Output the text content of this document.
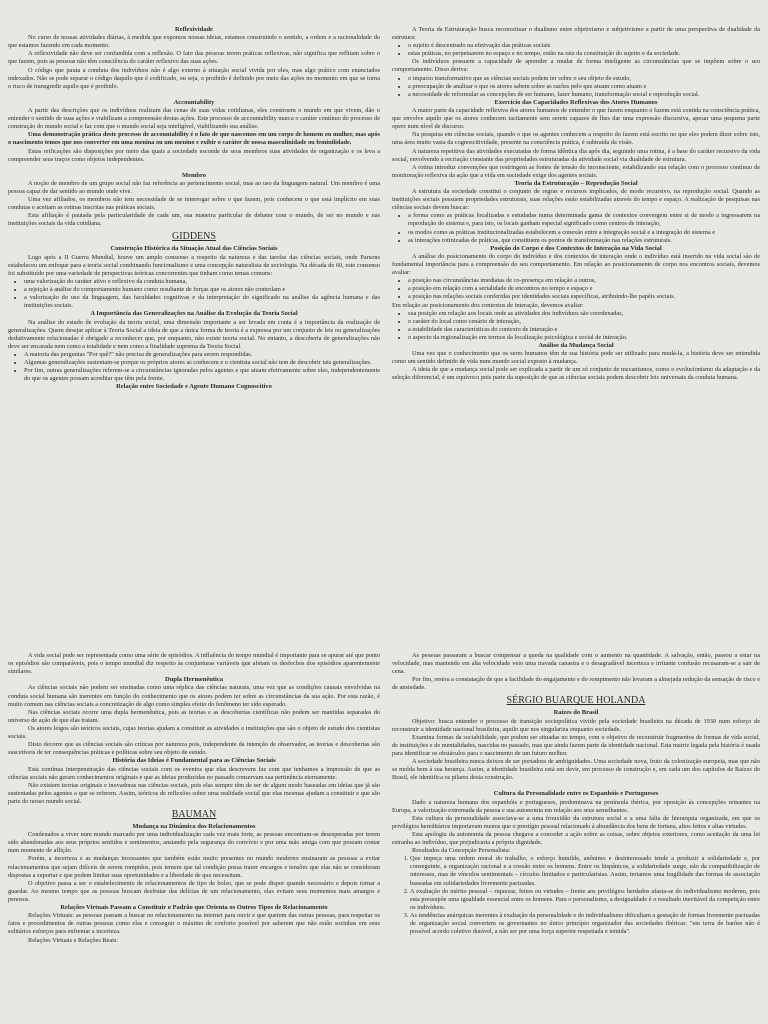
Reflexividade

No curso de nossas atividades diárias, à medida que expomos nossas ideias, estamos construindo o sentido, a ordem e a racionalidade do que estamos fazendo em cada momento.

A reflexividade não deve ser confundida com a reflexão. O fato das pessoas terem práticas reflexivas, não significa que reflitam sobre o que fazem, pois as pessoas não têm consciência do caráter reflexivo das suas ações.

O código que pauta a conduta dos indivíduos não é algo externo à situação social vivida por eles, mas algo prático com enunciados indexados. Não se pode separar o código daquilo que é codificado, ou seja, o proibido é definido por meio das ações no momento em que se torna o risco de transgredir aquilo que é proibido.

Accountability

A partir das descrições que os indivíduos realizam das cenas de suas vidas cotidianas, eles constroem o mundo em que vivem, dão o entender o sentido de suas ações e viabilizam a compreensão destas ações. Este processo de accountability marca o caráter contínuo do processo de construção do mundo social e faz com que o mundo social seja inteligível, viabilizando sua análise.

Uma demonstração prática deste processo de accountability é o fato de que nascemos em um corpo de homem ou mulher, mas após o nascimento temos que nos converter em uma menina ou um menino e exibir o caráter de nossa masculinidade ou feminilidade.

Estas reificações são disposições por meio das quais a sociedade esconde de seus membros suas atividades de organização e os leva a compreender seus traços como objetos independentes.

Membro

A noção de membro de um grupo social não faz referência ao pertencimento social, mas ao uso da linguagem natural. Um membro é uma pessoa capaz de dar sentido ao mundo onde vive.

Uma vez afiliados, os membros não tem necessidade de se interrogar sobre o que fazem, pois conhecem o que está implícito em suas condutas e aceitam as rotinas inscritas nas práticas sociais.

Esta afiliação é pautada pela particularidade de cada um, sua maneira particular de debater com o mundo, de ser no mundo e nas instituições sociais da vida cotidiana.

GIDDENS
Construção Histórica da Situação Atual das Ciências Sociais

Logo após a II Guerra Mundial, houve um amplo consenso a respeito da natureza e das tarefas das ciências sociais, onde Parsons estabeleceu um enfoque para a teoria social combinando funcionalismo e uma concepção naturalista de sociologia. Na década de 60, este consenso foi substituído por uma variedade de perspectivas teóricas concorrentes que tinham como temas comuns:

• uma valorização do caráter ativo e reflexivo da conduta humana,
• a rejeição à análise do comportamento humano como resultante de forças que os atores não controlam e
• a valorização do uso da linguagem, das faculdades cognitivas e da interpretação do significado na análise da agência humana e das instituições sociais.
A Importância das Generalizações na Análise da Evolução da Teoria Social

Na análise do estado de evolução da teoria social, uma dimensão importante a ser levada em conta é a importância da realização de generalizações. Quem desejar aplicar à Teoria Social a ideia de que a única forma de teoria é a expressa por um conjunto de leis ou generalizações dedutivamente relacionadas é obrigado a reconhecer que, por enquanto, não existe teoria social. No entanto, a descoberta de generalizações não deve ser encarada nem como a totalidade e nem como a finalidade suprema da Teoria Social.

• A maioria das perguntas "Por quê?" não precisa de generalizações para serem respondidas.
• Algumas generalizações sustentam-se porque os próprios atores as conhecem e o cientista social não tem de descobrir tais generalizações.
• Por fim, outras generalizações referem-se a circunstâncias ignoradas pelos agentes e que atuam efetivamente sobre eles, independentemente do que os agentes possam acreditar que têm pela frente.
Relação entre Sociedade e Agente Humano Cognoscitivo

A Teoria da Estruturação busca reconceituar o dualismo entre objetivismo e subjetivismo a partir de uma perspectiva de dualidade da estrutura:

• o sujeito é descentrado na efetivação das práticas sociais
• estas práticas, no perpetuarem no espaço e no tempo, estão na raiz da constituição do sujeito e da sociedade.

Os indivíduos possuem a capacidade de aprender a mudar de forma inteligente as circunstâncias que se impõem sobre o seu comportamento. Disso deriva:

• o impacto transformativo que as ciências sociais podem ter sobre o seu objeto de estudo,
• a preocupação de analisar o que os atores sabem sobre as razões pelo que atuam como atuam e
• a necessidade de reformular as concepções de ser humano, fazer humano, transformação social e reprodução social.
Exercício das Capacidades Reflexivas dos Atores Humanos

A maior parte da capacidade reflexiva dos atores humanos de entender o que fazem enquanto o fazem está contida na consciência prática, que envolve aquilo que os atores conhecem tacitamente sem serem capazes de lhes dar uma expressão discursiva, apesar uma pequena parte opere num nível de discurso.

Na pesquisa em ciências sociais, quando o que os agentes conhecem a respeito do fazem está escrito no que eles podem dizer sobre isto, uma área muito vasta da cognoscitividade, presente na consciência prática, é subtraída da visão.

A natureza repetitiva das atividades executadas de forma idêntica dia após dia, seguindo uma rotina, é a base do caráter recursivo da vida social, envolvendo a recriação constante das propriedades estruturadas da atividade social via dualidade de estrutura.

A rotina introduz convenções que restringem as fontes de tensão do inconsciente, estabilizando sua relação com o processo contínuo de monitoração reflexiva da ação que a vida em sociedade exige dos agentes sociais.

Teoria da Estruturação – Reprodução Social

A estrutura da sociedade constitui o conjunto de regras e recursos implicados, de modo recursivo, na reprodução social. Quando as instituições sociais possuem propriedades estruturais, suas relações estão estabilizadas através do tempo e espaço. A realização de pesquisas nas ciências sociais devem buscar:

• a forma como as práticas localizadas e estudadas numa determinada gama de contextos convergem entre si de modo a ingressarem na reprodução do sistema e, para isto, os locais ganham especial significado como centros de interação,
• os modos como as práticas institucionalizadas estabelecem a conexão entre a integração social e a integração do sistema e
• as interações rotinizadas de práticas, que constituem os pontos de transformação nas relações estruturais.
Posição do Corpo e dos Contextos de Interação na Vida Social

A análise do posicionamento do corpo do indivíduo e dos contextos de interação onde o indivíduo está inserido na vida social são de fundamental importância para a compreensão do seu comportamento. Em relação ao posicionamento de corpo nos encontros sociais, devemos avaliar:

• a posição nas circunstâncias imediatas de co-presença em relação a outros,
• a posição em relação com a serialidade de encontros no tempo e espaço e
• a posição nas relações sociais conferidas por identidades sociais específicas, atribuindo-lhe papéis sociais.

Em relação ao posicionamento dos contextos de interação, devemos avaliar:

• sua posição em relação aos locais onde as atividades dos indivíduos são coordenadas,
• o caráter do local como cenário de interação,
• a estabilidade das características do contexto de interação e
• o aspecto da regionalização em termos da localização psicológica e social de interação.
Análise da Mudança Social

Uma vez que o conhecimento que os seres humanos têm de sua história pode ser utilizado para mudá-la, a história deve ser entendida como um sentido definido de vida num mundo social exposto à mudança.

A ideia de que a mudança social pode ser explicada a partir de um só conjunto de mecanismos, como o evolucionismo da adaptação e da seleção diferencial, é um equívoco pois parte da suposição de que as ciências sociais podem descobrir leis universais da conduta humana.

A vida social pode ser representada como uma série de episódios. A influência do tempo mundial é importante para se apurar até que ponto os episódios são comparáveis, pois o tempo mundial diz respeito às conjunturas variáveis que afetam os desfechos dos episódios aparentemente similares.

Dupla Hermenêutica

As ciências sociais não podem ser ensinadas como uma réplica das ciências naturais, uma vez que as condições causais envolvidas na conduta social humana são inerentes em função do conhecimento que os atores podem ter sobre as circunstâncias da sua ação. Por esta razão, é muito comum nas ciências sociais a concretização de algo como simples efeito do fenômeno ter sido esperado.

Nas ciências sociais ocorre uma dupla hermenêutica, pois as teorias e as descobertas científicas não podem ser mantidas separadas do universo de ação de que elas tratam.

Os atores leigos são teóricos sociais, cujas teorias ajudam a constituir as atividades e instituições que são o objeto de estudo dos cientistas sociais.

Disto decorre que as ciências sociais são críticas por natureza pois, independente da intenção de observador, as teorias e descobertas são suscetíveis de ter consequências práticas e políticas sobre seu objeto de estudo.

História das Ideias é Fundamental para as Ciências Sociais

Esta contínua interpenetração das ciências sociais com os eventos que elas descrevem faz com que tenhamos a impressão de que as ciências sociais não geram conhecimentos originais e que as ideias produzidas no passado conservam sua pertinência eternamente.

Não existem teorias originais e inovadoras nas ciências sociais, pois elas sempre têm de ser de algum modo baseadas em ideias que já são sustentadas pelos agentes a que se referem. Assim, teóricos de reflexões sobre uma realidade social que elas mesmas ajudam a constituir e que são parte do nosso mundo social.

BAUMAN
Mudança na Dinâmica dos Relacionamentos

Condenados a viver num mundo marcado por uma individualização cada vez mais forte, as pessoas encontram-se desesperadas por terem sido abandonadas aos seus próprios sentidos e sentimentos, ansiando pela segurança do convívio e por uma mão amiga com que possam contar num momento de aflição.

Porém, a incerteza e as mudanças incessantes que também estão muito presentes no mundo moderno ensinaram as pessoas a evitar relacionamentos que sejam difíceis de serem rompidos, pois temem que tal condição possa trazer encargos e tensões que elas não se consideram dispostas a suportar e que podem limitar suas oportunidades e a liberdade de que necessitam.

O objetivo passa a ser o estabelecimento de relacionamentos de tipo de bolso, que se pode dispor quando necessário e depois tornar a guardar. Ao mesmo tempo que as pessoas buscam desfrutar das delícias de um relacionamento, elas evitam seus momentos mais amargos e penosos.

Relações Virtuais Passam a Constituir o Padrão que Orienta os Outros Tipos de Relacionamento

Relações Virtuais: as pessoas passam a buscar no relacionamento na internet para ouvir e que querem das outras pessoas, para respeitar os fatos e procedimentos de outras pessoas como elas e conseguir o máximo de conforto possível por saberem que não estão sozinhas em seus solitários esforços para enfrentar a incerteza.

Relações Virtuais e Relações Reais:

As pessoas passaram a buscar compensar a queda na qualidade com o aumento na quantidade. A salvação, então, passou a estar na velocidade, mas mantendo em alta velocidade veio uma travada canastra e o desagradável incerteza e irritante confusão recusaram-se a sair de cena.

Por fim, restou a constatação de que a facilidade do engajamento e do rompimento não levaram a almejada redução da sensação de risco e de ansiedade.

SÉRGIO BUARQUE HOLANDA
Raízes do Brasil

Objetivo: busca entender o processo de transição sociopolítica vivido pela sociedade brasileira na década de 1930 num esforço de reconstruir a identidade nacional brasileira, aquilo que nos singulariza enquanto sociedade.

Examina formas da sociabilidade, que podem ser situadas no tempo, com o objetivo de reconstruir fragmentos de formas de vida social, de instituições e de mentalidades, nascidas no passado, mas que ainda fazem parte da identidade nacional. Esta matriz legada pela história é usada para identificar os obstáculos para o nascimento de um futuro melhor.

A sociedade brasileira nunca deixou de ser portadora de ambiguidades. Uma sociedade nova, fruto da colonização europeia, mas que não se molda bem à sua herança. Assim, a identidade brasileira está em devir, em processo de construção e, em cada um dos capítulos de Raízes do Brasil, ele identifica os pilares desta construção.

Cultura da Personalidade entre os Espanhóis e Portugueses

Dado a natureza humana dos espanhóis e portugueses, predominava na península ibérica, por oposição às concepções reinantes na Europa, a valorização extremada da pessoa e sua autonomia em relação aos seus semelhantes.

Esta cultura da personalidade associava-se a uma frouxidão da estrutura social e a uma falta de hierarquia organizada, em que os privilégios hereditários importavam menos que o prestígio pessoal relacionado à abundância dos bens de fortuna, altos feitos e altas virtudes.

Esta apologia da autonomia da pessoa chegava a conceder a ação sobre as coisas, sobre objetos exteriores, como aceitação da uma lei estranha ao indivíduo, que prejudicaria a própria dignidade.

Resultados da Concepção Personalista:

1. Que impeça uma ordem moral do trabalho, o esforço humilde, anônimo e desinteressado tende a produzir a solidariedade e, por conseguinte, a organização racional e a coesão entre os homens. Entre os hispânicos, a solidariedade surge, não da compatibilização de interesses, mas de vínculos sentimentais – círculos limitados e particularistas. Assim, teriamos uma fragilidade das formas de associação baseadas em solidariedades livremente pactuadas.
2. A exaltação do mérito pessoal – riquezas, feitos ou virtudes – frente aos privilégios herdados afasta-se do individualismo moderno, pois esta pressupõe uma igualdade essencial entre os homens. Para o personalismo, a desigualdade é o resultado inevitável da competição entre os indivíduos.
3. As tendências anárquicas inerentes à exaltação da personalidade e do individualismo dificultam a gestação de formas livremente pactuadas de organização social convertem os governantes no único princípio organizador das sociedades ibéricas: "em terra de barões não é possível acordo coletivo durável, a não ser por uma força superior respeitada e temida".
